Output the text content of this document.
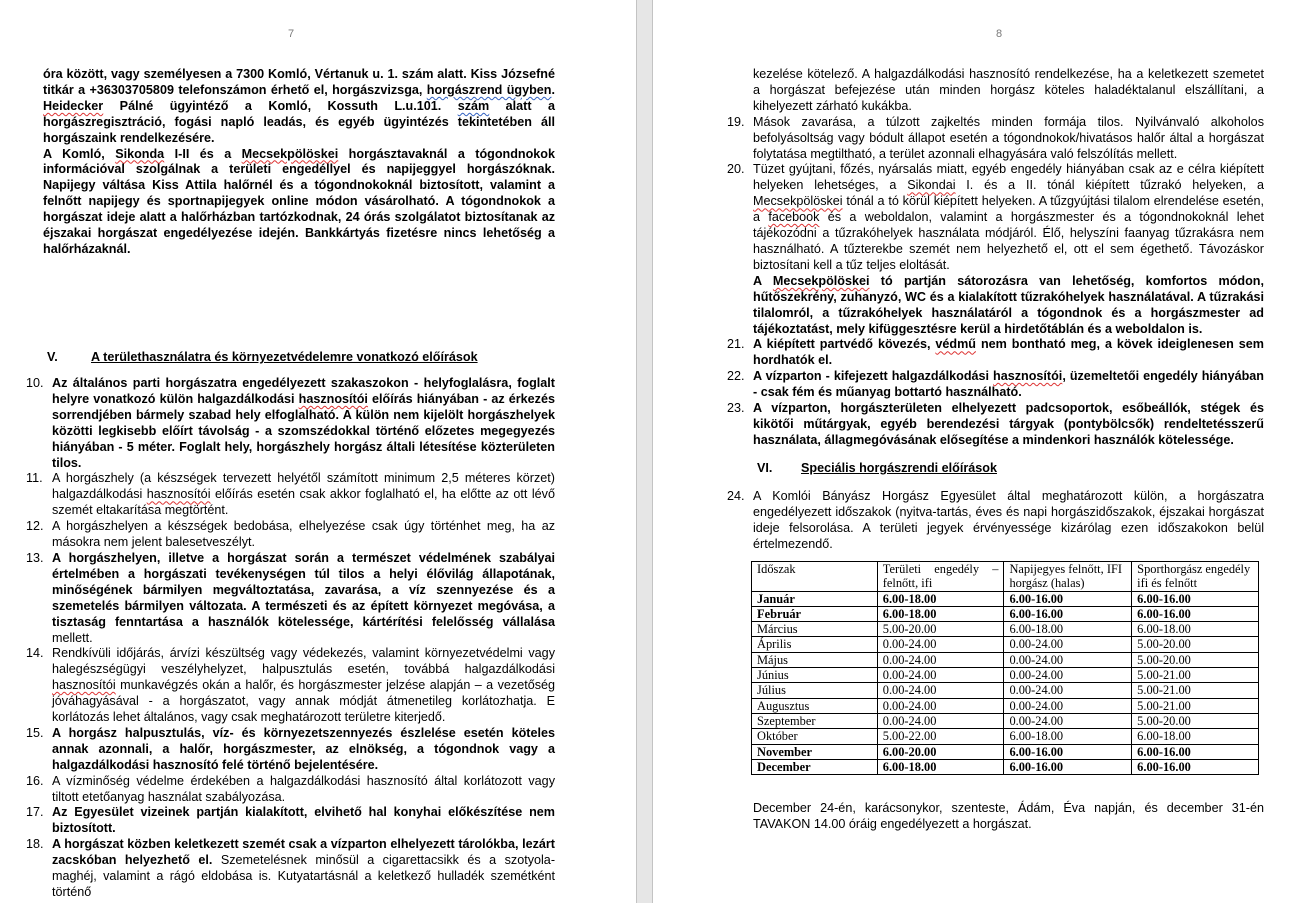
7

óra között, vagy személyesen a 7300 Komló, Vértanuk u. 1. szám alatt. Kiss Józsefné titkár a +36303705809 telefonszámon érhető el, horgászvizsga, horgászrend ügyben. Heidecker Pálné ügyintéző a Komló, Kossuth L.u.101. szám alatt a horgászregisztráció, fogási napló leadás, és egyéb ügyintézés tekintetében áll horgászaink rendelkezésére.

A Komló, Sikonda I-II és a Mecsekpölöskei horgásztavaknál a tógondnokok információval szolgálnak a területi engedéllyel és napijeggyel horgászóknak. Napijegy váltása Kiss Attila halőrnél és a tógondnokoknál biztosított, valamint a felnőtt napijegy és sportnapijegyek online módon vásárolható. A tógondnokok a horgászat ideje alatt a halőrházban tartózkodnak, 24 órás szolgálatot biztosítanak az éjszakai horgászat engedélyezése idején. Bankkártyás fizetésre nincs lehetőség a halőrházaknál.

V.	A területhasználatra és környezetvédelemre vonatkozó előírások
10. Az általános parti horgászatra engedélyezett szakaszokon - helyfoglalásra, foglalt helyre vonatkozó külön halgazdálkodási hasznosítói előírás hiányában - az érkezés sorrendjében bármely szabad hely elfoglalható. A külön nem kijelölt horgászhelyek közötti legkisebb előírt távolság - a szomszédokkal történő előzetes megegyezés hiányában - 5 méter. Foglalt hely, horgászhely horgász általi létesítése közterületen tilos.
11. A horgászhely (a készségek tervezett helyétől számított minimum 2,5 méteres körzet) halgazdálkodási hasznosítói előírás esetén csak akkor foglalható el, ha előtte az ott lévő szemét eltakarítása megtörtént.
12. A horgászhelyen a készségek bedobása, elhelyezése csak úgy történhet meg, ha az másokra nem jelent balesetveszélyt.
13. A horgászhelyen, illetve a horgászat során a természet védelmének szabályai értelmében a horgászati tevékenységen túl tilos a helyi élővilág állapotának, minőségének bármilyen megváltoztatása, zavarása, a víz szennyezése és a szemetelés bármilyen változata. A természeti és az épített környezet megóvása, a tisztaság fenntartása a használók kötelessége, kártérítési felelősség vállalása mellett.
14. Rendkívüli időjárás, árvízi készültség vagy védekezés, valamint környezetvédelmi vagy halegészségügyi veszélyhelyzet, halpusztulás esetén, továbbá halgazdálkodási hasznosítói munkavégzés okán a halőr, és horgászmester jelzése alapján – a vezetőség jóváhagyásával - a horgászatot, vagy annak módját átmenetileg korlátozhatja. E korlátozás lehet általános, vagy csak meghatározott területre kiterjedő.
15. A horgász halpusztulás, víz- és környezetszennyezés észlelése esetén köteles annak azonnali, a halőr, horgászmester, az elnökség, a tógondnok vagy a halgazdálkodási hasznosító felé történő bejelentésére.
16. A vízminőség védelme érdekében a halgazdálkodási hasznosító által korlátozott vagy tiltott etetőanyag használat szabályozása.
17. Az Egyesület vizeinek partján kialakított, elvihető hal konyhai előkészítése nem biztosított.
18. A horgászat közben keletkezett szemét csak a vízparton elhelyezett tárolókba, lezárt zacskóban helyezhető el. Szemetelésnek minősül a cigarettacsikk és a szotyola-maghéj, valamint a rágó eldobása is. Kutyatartásnál a keletkező hulladék szemétként történő
8
kezelése kötelező. A halgazdálkodási hasznosító rendelkezése, ha a keletkezett szemetet a horgászat befejezése után minden horgász köteles haladéktalanul elszállítani, a kihelyezett zárható kukákba.
19. Mások zavarása, a túlzott zajkeltés minden formája tilos. Nyilvánvaló alkoholos befolyásoltság vagy bódult állapot esetén a tógondnokok/hivatásos halőr által a horgászat folytatása megtiltható, a terület azonnali elhagyására való felszólítás mellett.
20. Tüzet gyújtani, főzés, nyársalás miatt, egyéb engedély hiányában csak az e célra kiépített helyeken lehetséges, a Sikondai I. és a II. tónál kiépített tűzrakó helyeken, a Mecsekpölöskei tónál a tó körül kiépített helyeken. A tűzgyújtási tilalom elrendelése esetén, a facebook és a weboldalon, valamint a horgászmester és a tógondnokoknál lehet tájékozódni a tűzrakóhelyek használata módjáról. Élő, helyszíni faanyag tűzrakásra nem használható. A tűzterekbe szemét nem helyezhető el, ott el sem égethető. Távozáskor biztosítani kell a tűz teljes eloltását.
A Mecsekpölöskei tó partján sátorozásra van lehetőség, komfortos módon, hűtőszekrény, zuhanyzó, WC és a kialakított tűzrakóhelyek használatával. A tűzrakási tilalomról, a tűzrakóhelyek használatáról a tógondnok és a horgászmester ad tájékoztatást, mely kifüggesztésre kerül a hirdetőtáblán és a weboldalon is.
21. A kiépített partvédő kövezés, védmű nem bontható meg, a kövek ideiglenesen sem hordhatók el.
22. A vízparton - kifejezett halgazdálkodási hasznosítói, üzemeltetői engedély hiányában - csak fém és műanyag bottartó használható.
23. A vízparton, horgászterületen elhelyezett padcsoportok, esőbeállók, stégek és kikötői műtárgyak, egyéb berendezési tárgyak (pontybölcsők) rendeltetésszerű használata, állagmegóvásának elősegítése a mindenkori használók kötelessége.
VI. Speciális horgászrendi előírások
24. A Komlói Bányász Horgász Egyesület által meghatározott külön, a horgászatra engedélyezett időszakok (nyitva-tartás, éves és napi horgászidőszakok, éjszakai horgászat ideje felsorolása. A területi jegyek érvényessége kizárólag ezen időszakokon belül értelmezendő.
Időszak	Területi engedély – felnőtt, ifi	Napijegyes felnőtt, IFI horgász (halas)	Sporthorgász engedély ifi és felnőtt
Január	6.00-18.00	6.00-16.00	6.00-16.00
Február	6.00-18.00	6.00-16.00	6.00-16.00
Március	5.00-20.00	6.00-18.00	6.00-18.00
Április	0.00-24.00	0.00-24.00	5.00-20.00
Május	0.00-24.00	0.00-24.00	5.00-20.00
Június	0.00-24.00	0.00-24.00	5.00-21.00
Július	0.00-24.00	0.00-24.00	5.00-21.00
Augusztus	0.00-24.00	0.00-24.00	5.00-21.00
Szeptember	0.00-24.00	0.00-24.00	5.00-20.00
Október	5.00-22.00	6.00-18.00	6.00-18.00
November	6.00-20.00	6.00-16.00	6.00-16.00
December	6.00-18.00	6.00-16.00	6.00-16.00
December 24-én, karácsonykor, szenteste, Ádám, Éva napján, és december 31-én TAVAKON 14.00 óráig engedélyezett a horgászat.
